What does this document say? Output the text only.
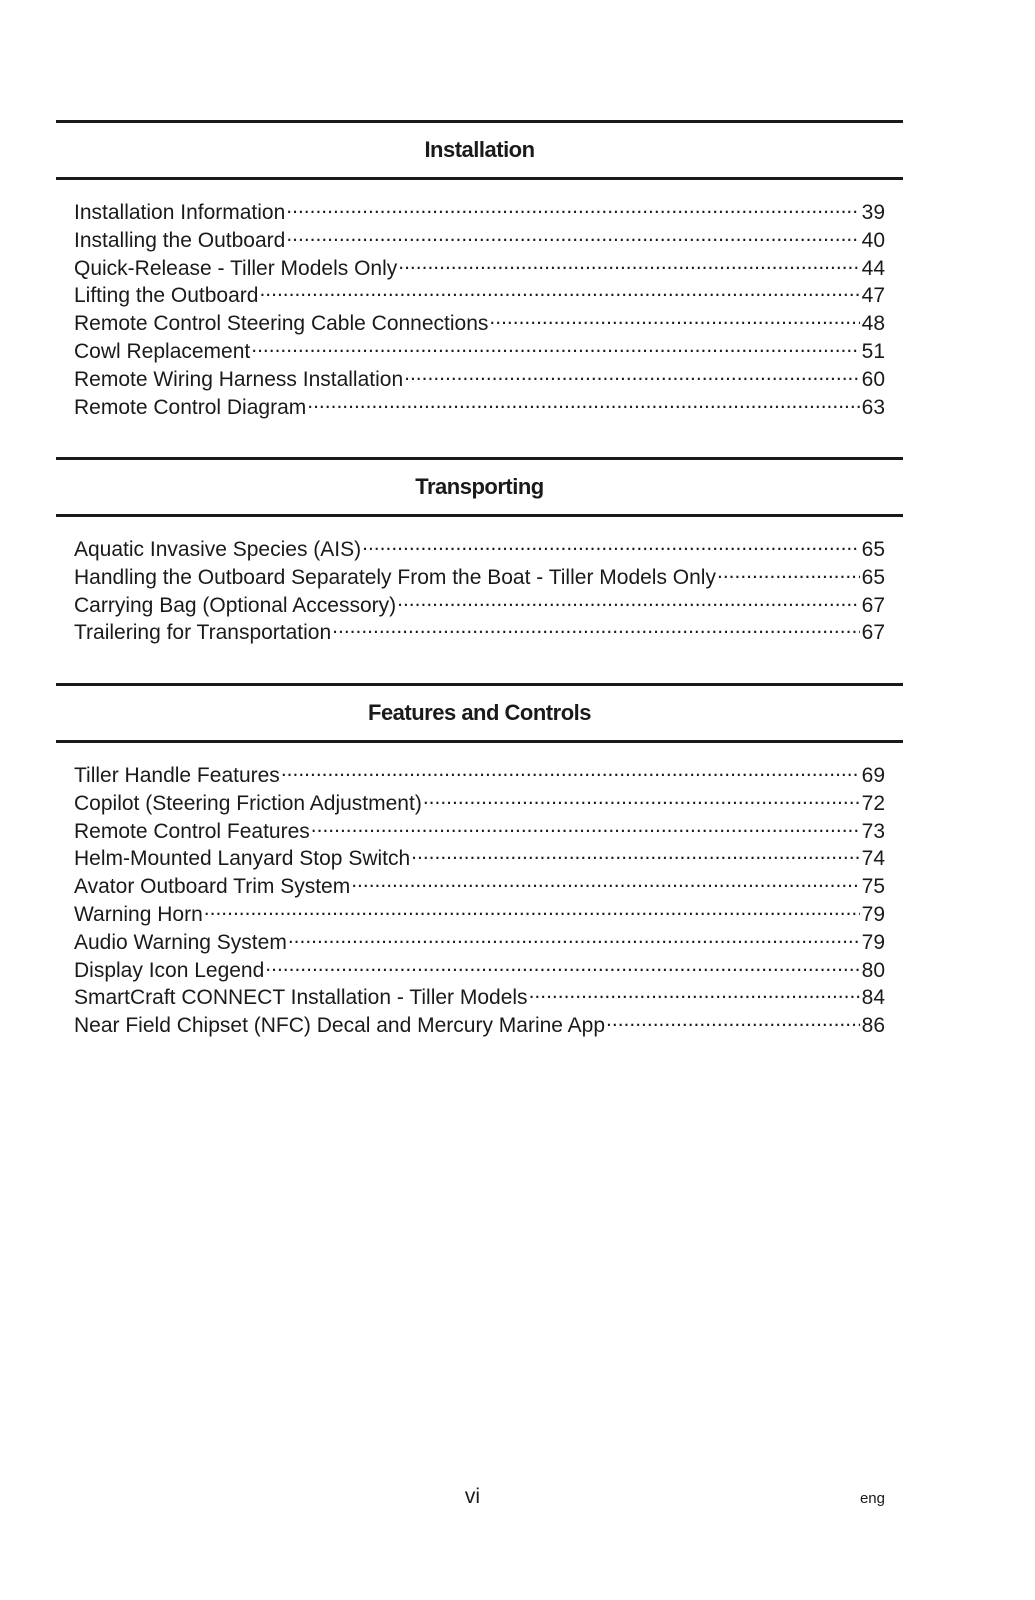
Installation
Installation Information .....	39
Installing the Outboard .....	40
Quick-Release - Tiller Models Only .....	44
Lifting the Outboard .....	47
Remote Control Steering Cable Connections .....	48
Cowl Replacement .....	51
Remote Wiring Harness Installation .....	60
Remote Control Diagram .....	63
Transporting
Aquatic Invasive Species (AIS) .....	65
Handling the Outboard Separately From the Boat - Tiller Models Only .....	65
Carrying Bag (Optional Accessory) .....	67
Trailering for Transportation .....	67
Features and Controls
Tiller Handle Features .....	69
Copilot (Steering Friction Adjustment) .....	72
Remote Control Features .....	73
Helm-Mounted Lanyard Stop Switch .....	74
Avator Outboard Trim System .....	75
Warning Horn .....	79
Audio Warning System .....	79
Display Icon Legend .....	80
SmartCraft CONNECT Installation - Tiller Models .....	84
Near Field Chipset (NFC) Decal and Mercury Marine App .....	86
vi	eng
